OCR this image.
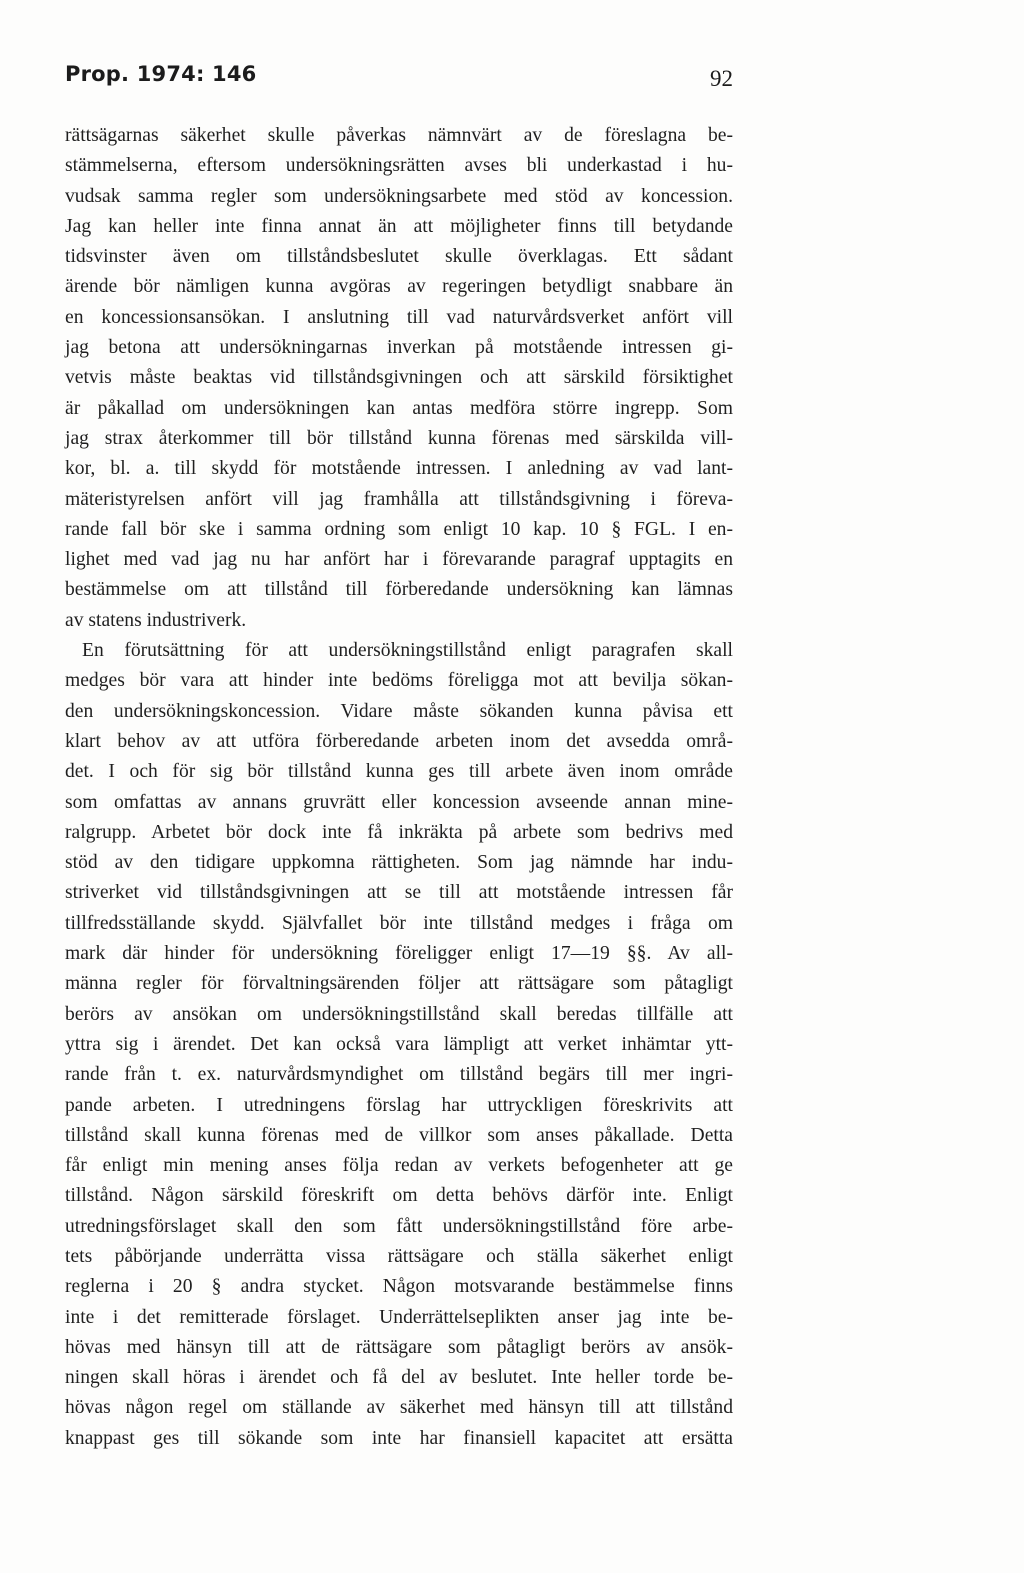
Prop. 1974: 146	92
rättsägarnas säkerhet skulle påverkas nämnvärt av de föreslagna be-
stämmelserna, eftersom undersökningsrätten avses bli underkastad i hu-
vudsak samma regler som undersökningsarbete med stöd av koncession.
Jag kan heller inte finna annat än att möjligheter finns till betydande
tidsvinster även om tillståndsbeslutet skulle överklagas. Ett sådant
ärende bör nämligen kunna avgöras av regeringen betydligt snabbare än
en koncessionsansökan. I anslutning till vad naturvårdsverket anfört vill
jag betona att undersökningarnas inverkan på motstående intressen gi-
vetvis måste beaktas vid tillståndsgivningen och att särskild försiktighet
är påkallad om undersökningen kan antas medföra större ingrepp. Som
jag strax återkommer till bör tillstånd kunna förenas med särskilda vill-
kor, bl. a. till skydd för motstående intressen. I anledning av vad lant-
mäteristyrelsen anfört vill jag framhålla att tillståndsgivning i föreva-
rande fall bör ske i samma ordning som enligt 10 kap. 10 § FGL. I en-
lighet med vad jag nu har anfört har i förevarande paragraf upptagits en
bestämmelse om att tillstånd till förberedande undersökning kan lämnas
av statens industriverk.
En förutsättning för att undersökningstillstånd enligt paragrafen skall
medges bör vara att hinder inte bedöms föreligga mot att bevilja sökan-
den undersökningskoncession. Vidare måste sökanden kunna påvisa ett
klart behov av att utföra förberedande arbeten inom det avsedda områ-
det. I och för sig bör tillstånd kunna ges till arbete även inom område
som omfattas av annans gruvrätt eller koncession avseende annan mine-
ralgrupp. Arbetet bör dock inte få inkräkta på arbete som bedrivs med
stöd av den tidigare uppkomna rättigheten. Som jag nämnde har indu-
striverket vid tillståndsgivningen att se till att motstående intressen får
tillfredsställande skydd. Självfallet bör inte tillstånd medges i fråga om
mark där hinder för undersökning föreligger enligt 17—19 §§. Av all-
männa regler för förvaltningsärenden följer att rättsägare som påtagligt
berörs av ansökan om undersökningstillstånd skall beredas tillfälle att
yttra sig i ärendet. Det kan också vara lämpligt att verket inhämtar ytt-
rande från t. ex. naturvårdsmyndighet om tillstånd begärs till mer ingri-
pande arbeten. I utredningens förslag har uttryckligen föreskrivits att
tillstånd skall kunna förenas med de villkor som anses påkallade. Detta
får enligt min mening anses följa redan av verkets befogenheter att ge
tillstånd. Någon särskild föreskrift om detta behövs därför inte. Enligt
utredningsförslaget skall den som fått undersökningstillstånd före arbe-
tets påbörjande underrätta vissa rättsägare och ställa säkerhet enligt
reglerna i 20 § andra stycket. Någon motsvarande bestämmelse finns
inte i det remitterade förslaget. Underrättelseplikten anser jag inte be-
hövas med hänsyn till att de rättsägare som påtagligt berörs av ansök-
ningen skall höras i ärendet och få del av beslutet. Inte heller torde be-
hövas någon regel om ställande av säkerhet med hänsyn till att tillstånd
knappast ges till sökande som inte har finansiell kapacitet att ersätta
